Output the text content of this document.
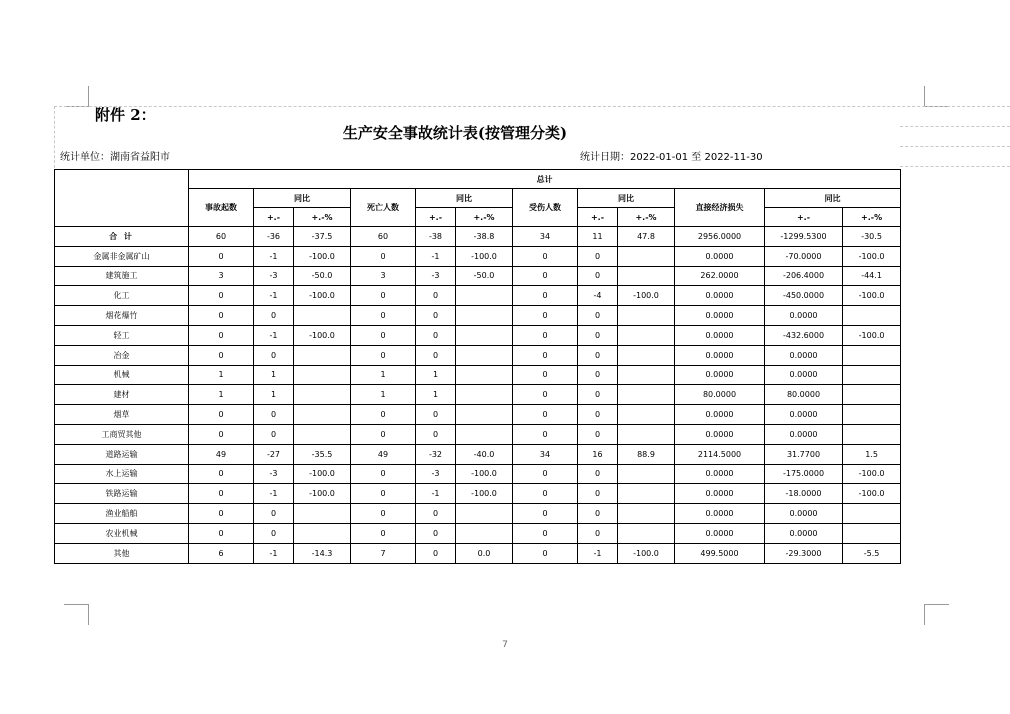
附件 2：
生产安全事故统计表(按管理分类)
统计单位：湖南省益阳市	统计日期：2022-01-01 至 2022-11-30
	总计											
	事故起数	同比		死亡人数	同比		受伤人数	同比		直接经济损失	同比	
		+.-	+.-%		+.-	+.-%		+.-	+.-%		+.-	+.-%
合 计	60	-36	-37.5	60	-38	-38.8	34	11	47.8	2956.0000	-1299.5300	-30.5
金属非金属矿山	0	-1	-100.0	0	-1	-100.0	0	0		0.0000	-70.0000	-100.0
建筑施工	3	-3	-50.0	3	-3	-50.0	0	0		262.0000	-206.4000	-44.1
化工	0	-1	-100.0	0	0		0	-4	-100.0	0.0000	-450.0000	-100.0
烟花爆竹	0	0		0	0		0	0		0.0000	0.0000	
轻工	0	-1	-100.0	0	0		0	0		0.0000	-432.6000	-100.0
冶金	0	0		0	0		0	0		0.0000	0.0000	
机械	1	1		1	1		0	0		0.0000	0.0000	
建材	1	1		1	1		0	0		80.0000	80.0000	
烟草	0	0		0	0		0	0		0.0000	0.0000	
工商贸其他	0	0		0	0		0	0		0.0000	0.0000	
道路运输	49	-27	-35.5	49	-32	-40.0	34	16	88.9	2114.5000	31.7700	1.5
水上运输	0	-3	-100.0	0	-3	-100.0	0	0		0.0000	-175.0000	-100.0
铁路运输	0	-1	-100.0	0	-1	-100.0	0	0		0.0000	-18.0000	-100.0
渔业船舶	0	0		0	0		0	0		0.0000	0.0000	
农业机械	0	0		0	0		0	0		0.0000	0.0000	
其他	6	-1	-14.3	7	0	0.0	0	-1	-100.0	499.5000	-29.3000	-5.5
7
